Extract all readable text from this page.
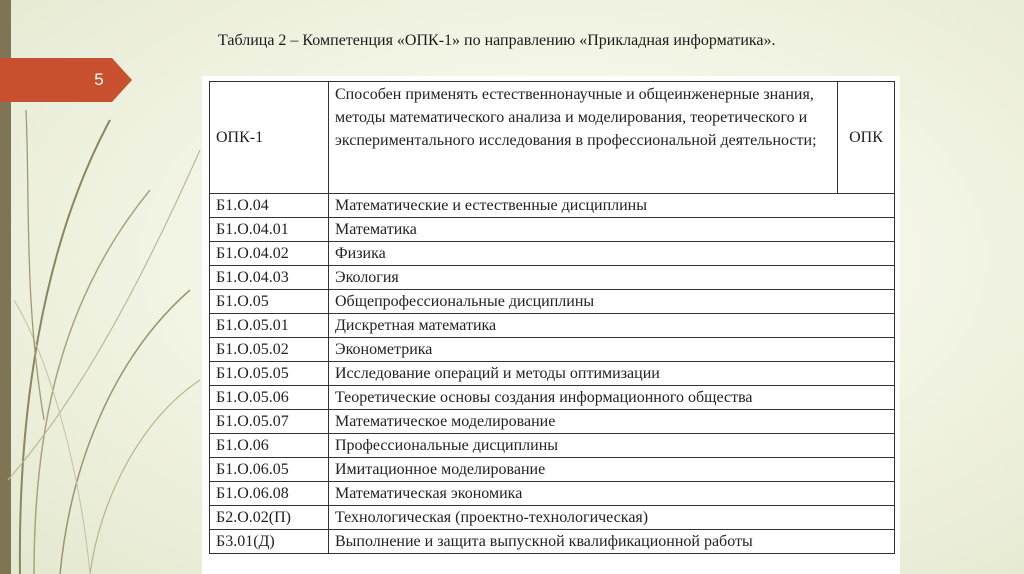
5
Таблица 2 – Компетенция «ОПК-1» по направлению «Прикладная информатика».
ОПК-1	Способен применять естественнонаучные и общеинженерные знания, методы математического анализа и моделирования, теоретического и экспериментального исследования в профессиональной деятельности;	ОПК
Б1.О.04	Математические и естественные дисциплины	
Б1.О.04.01	Математика	
Б1.О.04.02	Физика	
Б1.О.04.03	Экология	
Б1.О.05	Общепрофессиональные дисциплины	
Б1.О.05.01	Дискретная математика	
Б1.О.05.02	Эконометрика	
Б1.О.05.05	Исследование операций и методы оптимизации	
Б1.О.05.06	Теоретические основы создания информационного общества	
Б1.О.05.07	Математическое моделирование	
Б1.О.06	Профессиональные дисциплины	
Б1.О.06.05	Имитационное моделирование	
Б1.О.06.08	Математическая экономика	
Б2.О.02(П)	Технологическая (проектно-технологическая)	
Б3.01(Д)	Выполнение и защита выпускной квалификационной работы	
